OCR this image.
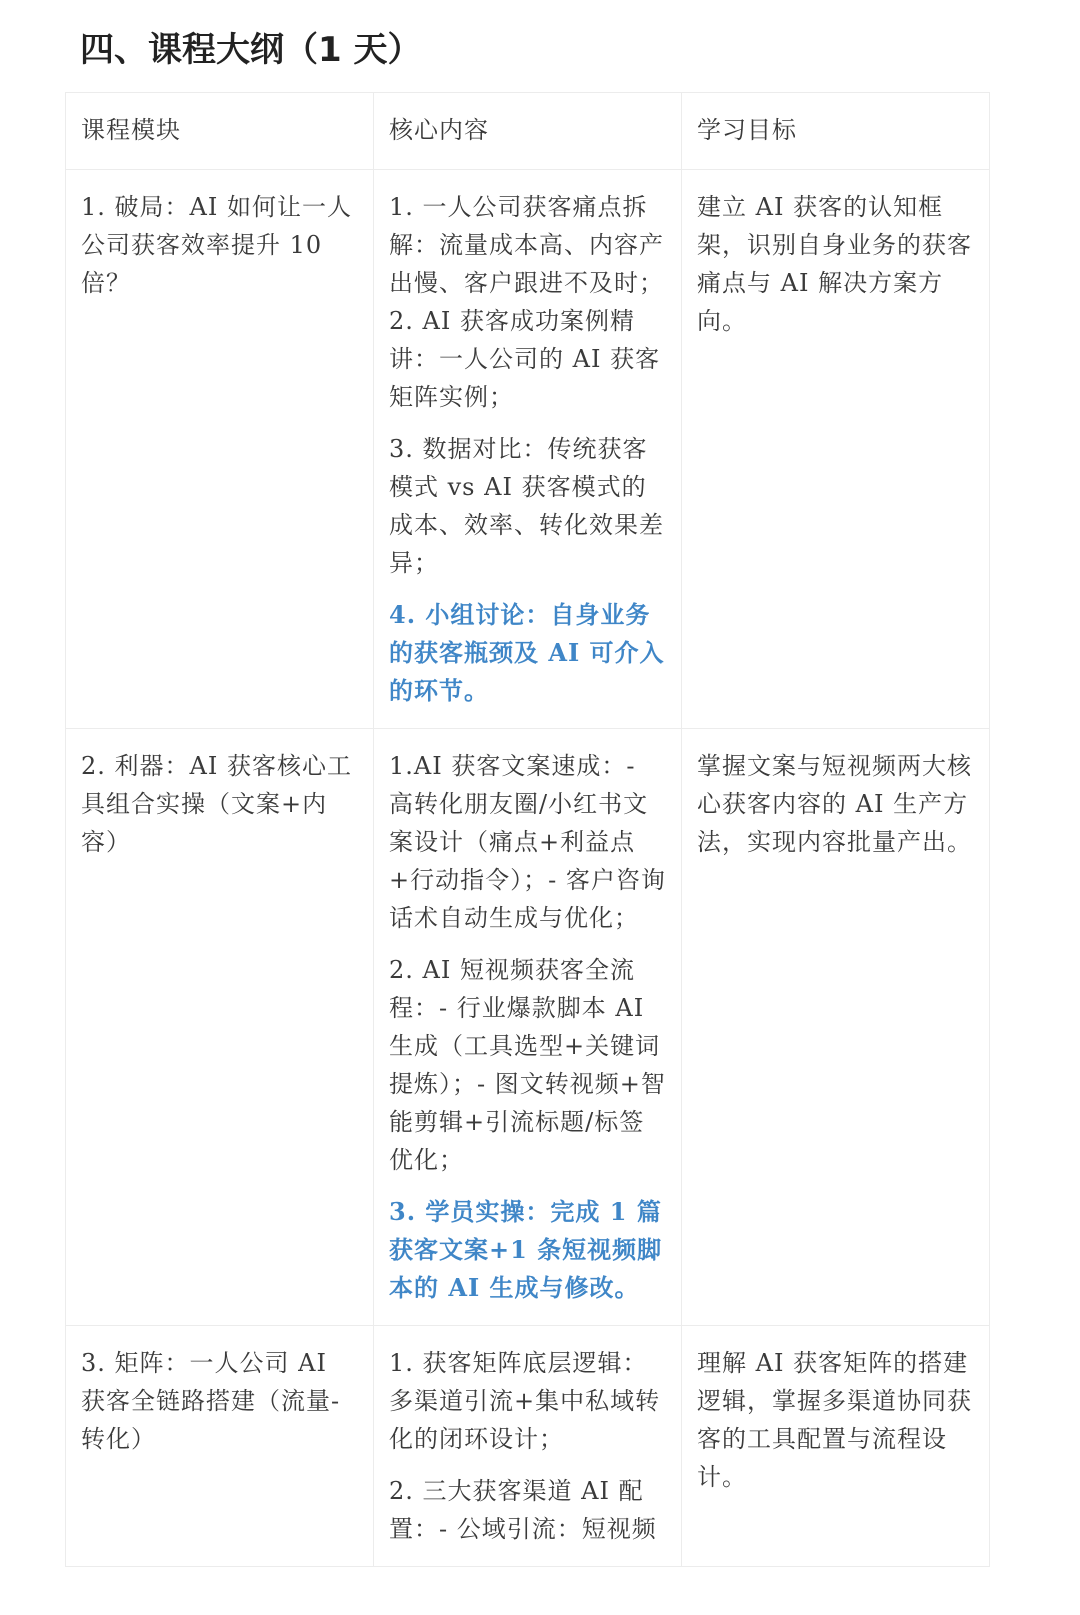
四、课程大纲（1 天）
课程模块	核心内容	学习目标
1. 破局：AI 如何让一人公司获客效率提升 10 倍？	1. 一人公司获客痛点拆解：流量成本高、内容产出慢、客户跟进不及时；2. AI 获客成功案例精讲：一人公司的 AI 获客矩阵实例；
3. 数据对比：传统获客模式 vs AI 获客模式的成本、效率、转化效果差异；
4. 小组讨论：自身业务的获客瓶颈及 AI 可介入的环节。	建立 AI 获客的认知框架，识别自身业务的获客痛点与 AI 解决方案方向。
2. 利器：AI 获客核心工具组合实操（文案+内容）	1.AI 获客文案速成：- 高转化朋友圈/小红书文案设计（痛点+利益点+行动指令）；- 客户咨询话术自动生成与优化；
2. AI 短视频获客全流程：- 行业爆款脚本 AI 生成（工具选型+关键词提炼）；- 图文转视频+智能剪辑+引流标题/标签优化；
3. 学员实操：完成 1 篇获客文案+1 条短视频脚本的 AI 生成与修改。	掌握文案与短视频两大核心获客内容的 AI 生产方法，实现内容批量产出。
3. 矩阵：一人公司 AI 获客全链路搭建（流量-转化）	1. 获客矩阵底层逻辑：多渠道引流+集中私域转化的闭环设计；
2. 三大获客渠道 AI 配置：- 公域引流：短视频	理解 AI 获客矩阵的搭建逻辑，掌握多渠道协同获客的工具配置与流程设计。
